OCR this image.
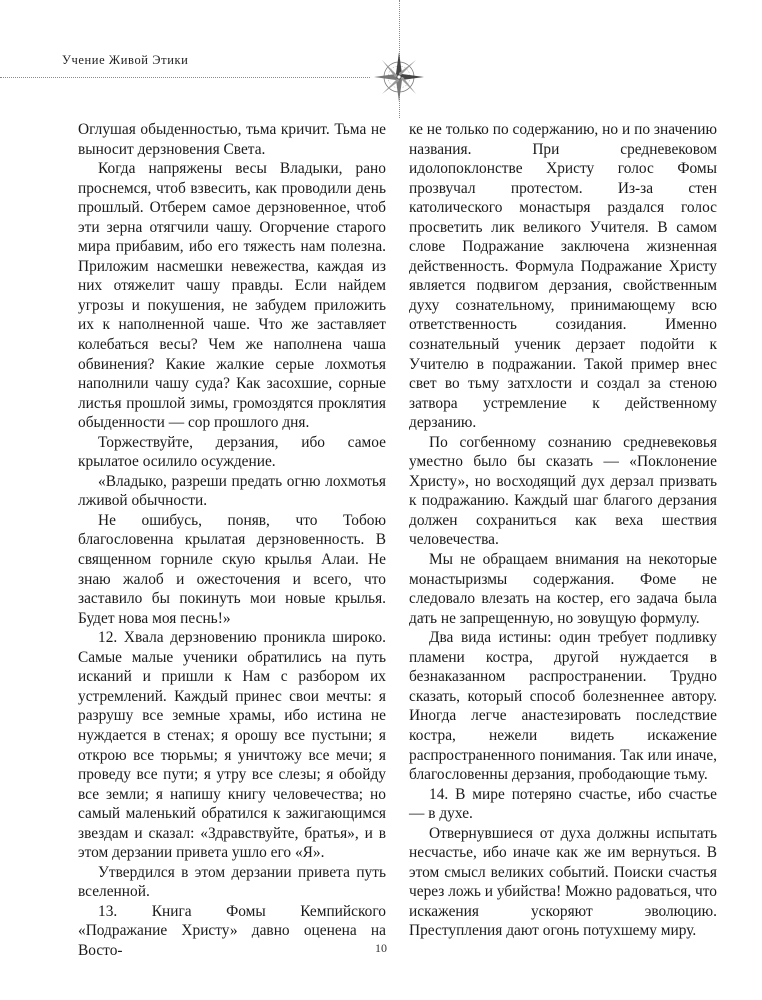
Учение Живой Этики

Оглушая обыденностью, тьма кричит. Тьма не выносит дерзновения Света.

Когда напряжены весы Владыки, рано проснемся, чтоб взвесить, как проводили день прошлый. Отберем самое дерзновенное, чтоб эти зерна отягчили чашу. Огорчение старого мира прибавим, ибо его тяжесть нам полезна. Приложим насмешки невежества, каждая из них отяжелит чашу правды. Если найдем угрозы и покушения, не забудем приложить их к наполненной чаше. Что же заставляет колебаться весы? Чем же наполнена чаша обвинения? Какие жалкие серые лохмотья наполнили чашу суда? Как засохшие, сорные листья прошлой зимы, громоздятся проклятия обыденности — сор прошлого дня.

Торжествуйте, дерзания, ибо самое крылатое осилило осуждение.

«Владыко, разреши предать огню лохмотья лживой обычности.

Не ошибусь, поняв, что Тобою благословенна крылатая дерзновенность. В священном горниле скую крылья Алаи. Не знаю жалоб и ожесточения и всего, что заставило бы покинуть мои новые крылья. Будет нова моя песнь!»

12. Хвала дерзновению проникла широко. Самые малые ученики обратились на путь исканий и пришли к Нам с разбором их устремлений. Каждый принес свои мечты: я разрушу все земные храмы, ибо истина не нуждается в стенах; я орошу все пустыни; я открою все тюрьмы; я уничтожу все мечи; я проведу все пути; я утру все слезы; я обойду все земли; я напишу книгу человечества; но самый маленький обратился к зажигающимся звездам и сказал: «Здравствуйте, братья», и в этом дерзании привета ушло его «Я».

Утвердился в этом дерзании привета путь вселенной.

13. Книга Фомы Кемпийского «Подражание Христу» давно оценена на Восто-

ке не только по содержанию, но и по значению названия. При средневековом идолопоклонстве Христу голос Фомы прозвучал протестом. Из-за стен католического монастыря раздался голос просветить лик великого Учителя. В самом слове Подражание заключена жизненная действенность. Формула Подражание Христу является подвигом дерзания, свойственным духу сознательному, принимающему всю ответственность созидания. Именно сознательный ученик дерзает подойти к Учителю в подражании. Такой пример внес свет во тьму затхлости и создал за стеною затвора устремление к действенному дерзанию.

По согбенному сознанию средневековья уместно было бы сказать — «Поклонение Христу», но восходящий дух дерзал призвать к подражанию. Каждый шаг благого дерзания должен сохраниться как веха шествия человечества.

Мы не обращаем внимания на некоторые монастыризмы содержания. Фоме не следовало влезать на костер, его задача была дать не запрещенную, но зовущую формулу.

Два вида истины: один требует подливку пламени костра, другой нуждается в безнаказанном распространении. Трудно сказать, который способ болезненнее автору. Иногда легче анастезировать последствие костра, нежели видеть искажение распространенного понимания. Так или иначе, благословенны дерзания, прободающие тьму.

14. В мире потеряно счастье, ибо счастье — в духе.

Отвернувшиеся от духа должны испытать несчастье, ибо иначе как же им вернуться. В этом смысл великих событий. Поиски счастья через ложь и убийства! Можно радоваться, что искажения ускоряют эволюцию. Преступления дают огонь потухшему миру.

10
